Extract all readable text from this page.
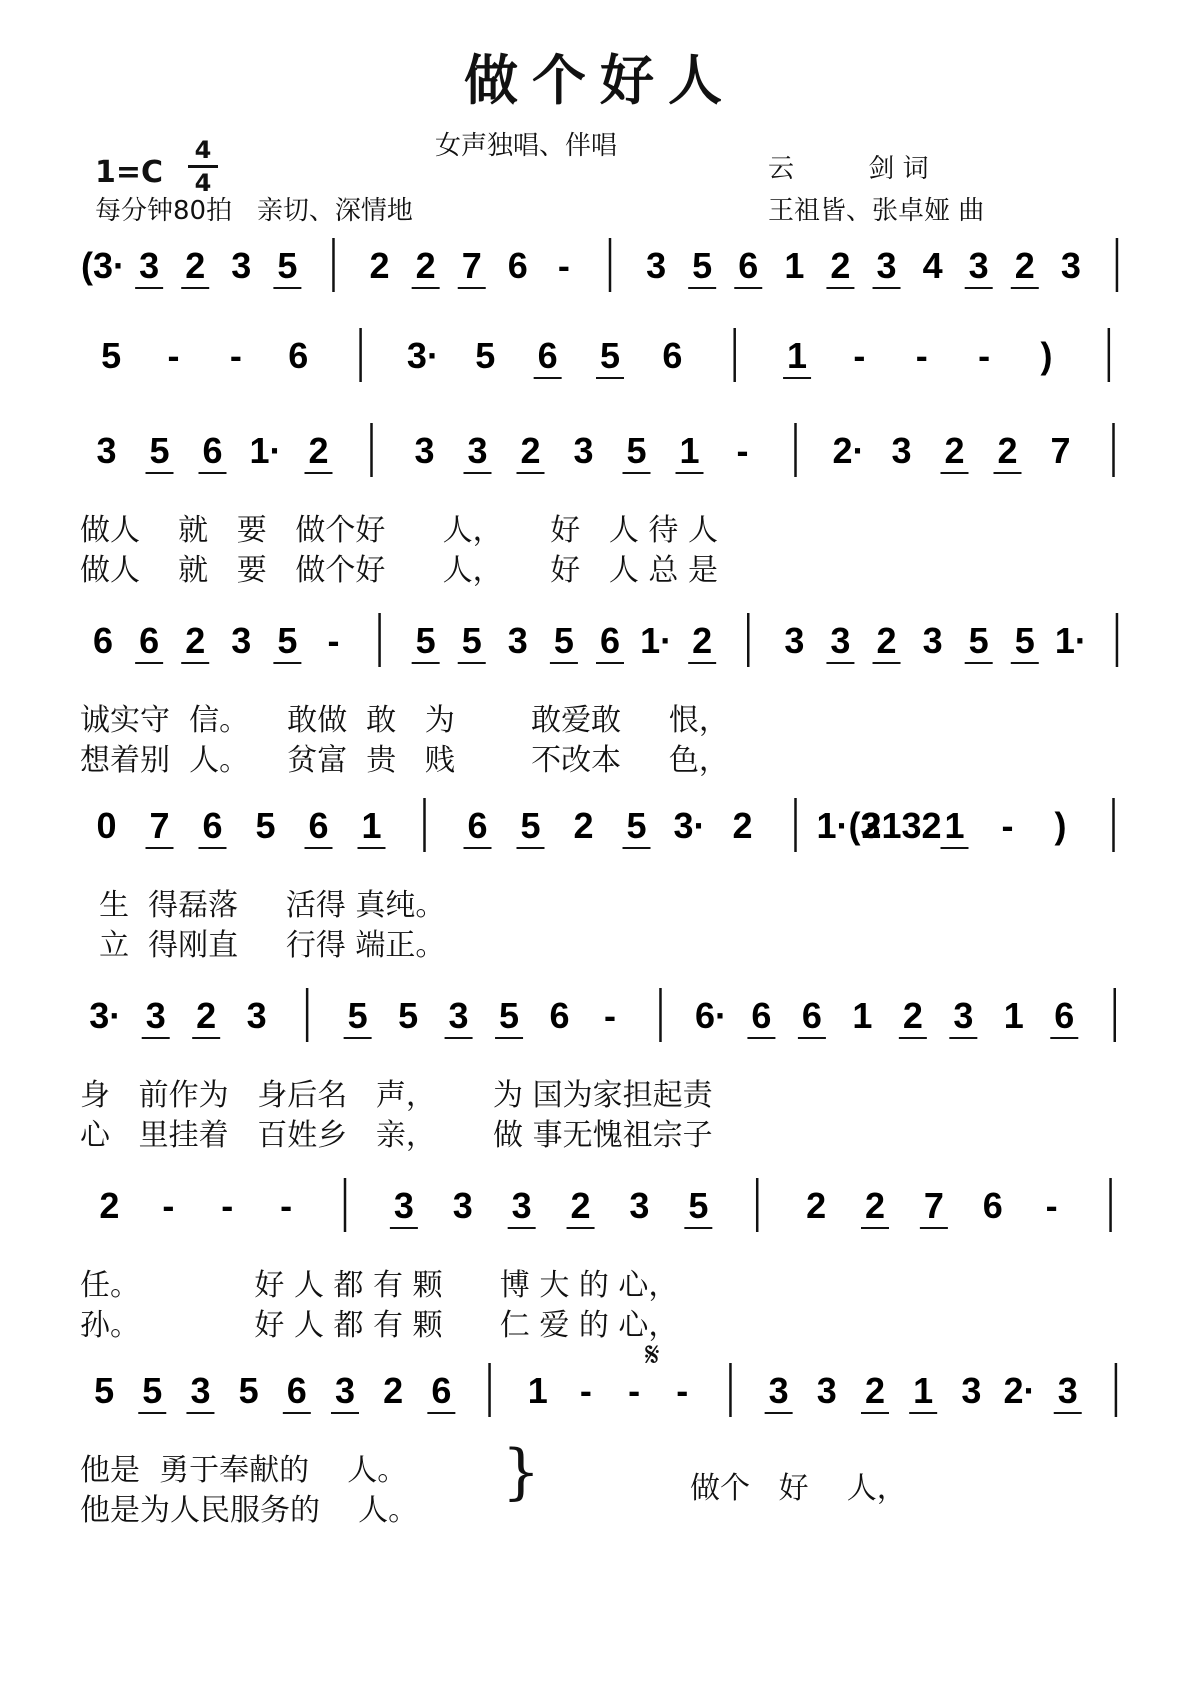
做个好人
女声独唱、伴唱
1=C
4
4
每分钟80拍   亲切、深情地
云         剑 词
王祖皆、张卓娅 曲
(3· 3 2 3 5 2 2 7 6 - 3 5 6 1 2 3 4 3 2 3
5 - - 6	3· 5 6 5 6	1 - - - )
3 5 6 1· 2 3 3 2 3 5 1 - 2· 3 2 2 7
做人    就   要   做个好      人，     好   人 待 人
做人    就   要   做个好      人，     好   人 总 是
6 6 2 3 5 - 5 5 3 5 6 1· 2 3 3 2 3 5 5 1·
诚实守  信。    敢做  敢   为        敢爱敢     恨，
想着别  人。    贫富  贵   贱        不改本     色，
0 7 6 5 6 1 6 5 2 5 3· 2 1·(3
2132 1 - )
生  得磊落     活得 真纯。
立  得刚直     行得 端正。
3· 3 2 3 5 5 3 5 6 - 6· 6 6 1 2 3 1 6
身   前作为   身后名   声，      为 国为家担起责
心   里挂着   百姓乡   亲，      做 事无愧祖宗子
2 - - -	3 3 3 2 3 5	2 2 7 6 -
任。            好 人 都 有 颗      博 大 的 心，
孙。            好 人 都 有 颗      仁 爱 的 心，
5 5 3 5 6 3 2 6 1 - - - 3 3 2 1 3 2· 3
他是  勇于奉献的    人。
他是为人民服务的    人。
}	做个   好    人，
𝄋
